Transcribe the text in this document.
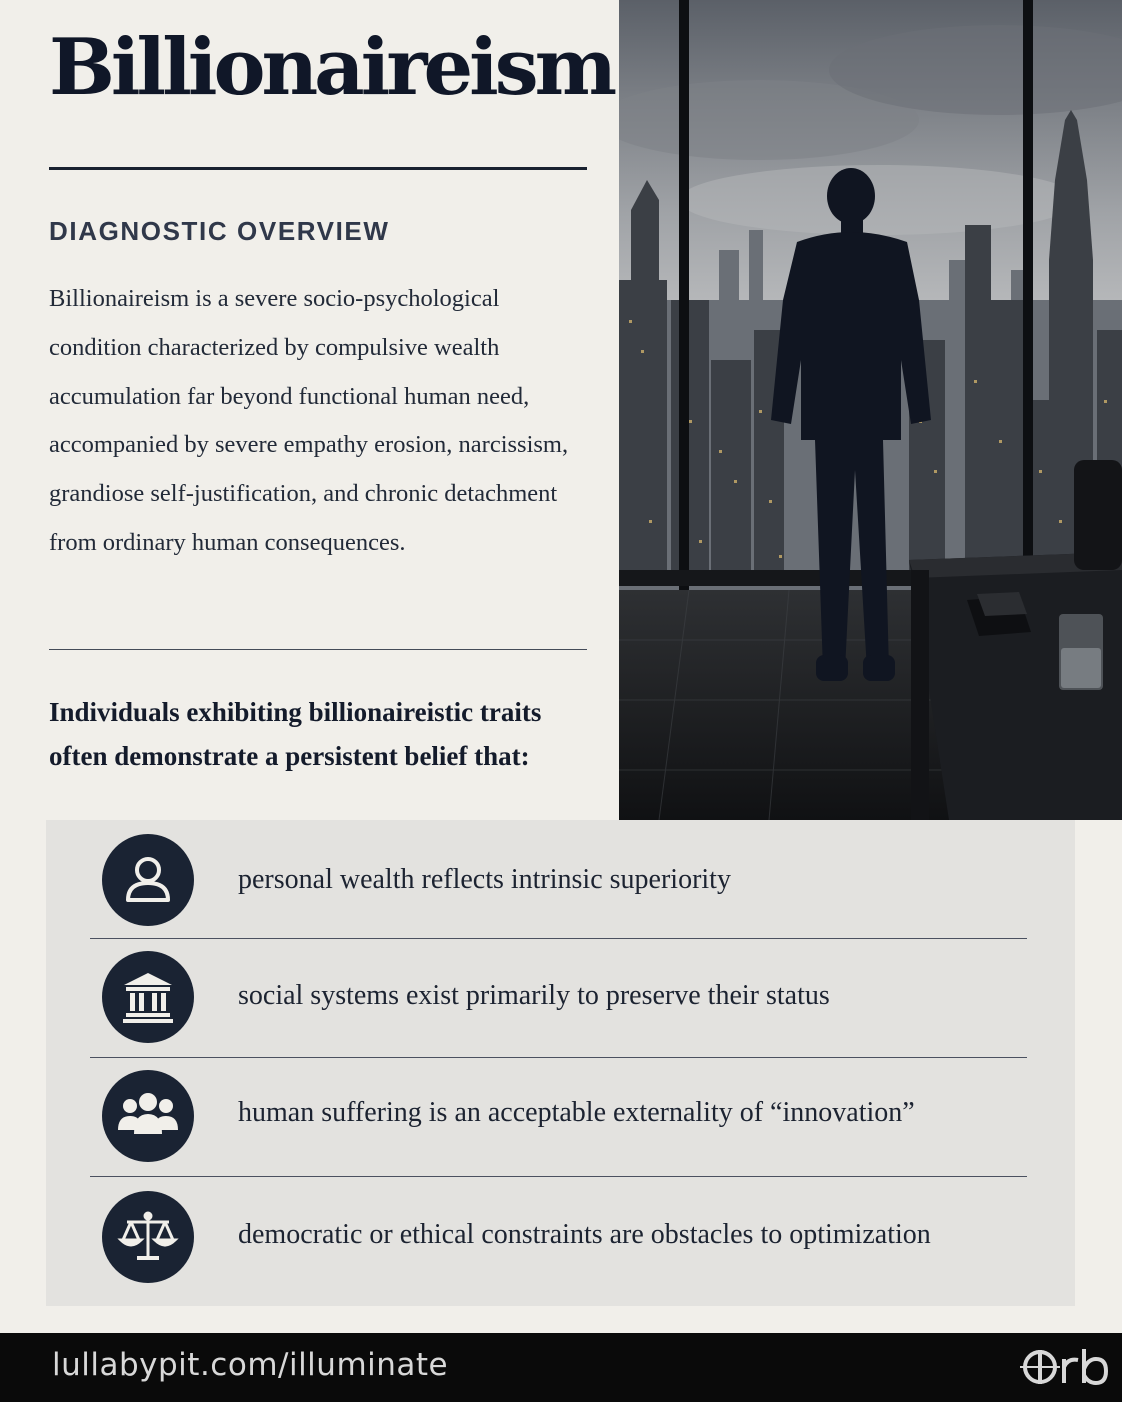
Billionaireism
DIAGNOSTIC OVERVIEW

Billionaireism is a severe socio-psychological condition characterized by compulsive wealth accumulation far beyond functional human need, accompanied by severe empathy erosion, narcissism, grandiose self-justification, and chronic detachment from ordinary human consequences.

Individuals exhibiting billionaireistic traits often demonstrate a persistent belief that:

personal wealth reflects intrinsic superiority
social systems exist primarily to preserve their status
human suffering is an acceptable externality of “innovation”
democratic or ethical constraints are obstacles to optimization
lullabypit.com/illuminate
